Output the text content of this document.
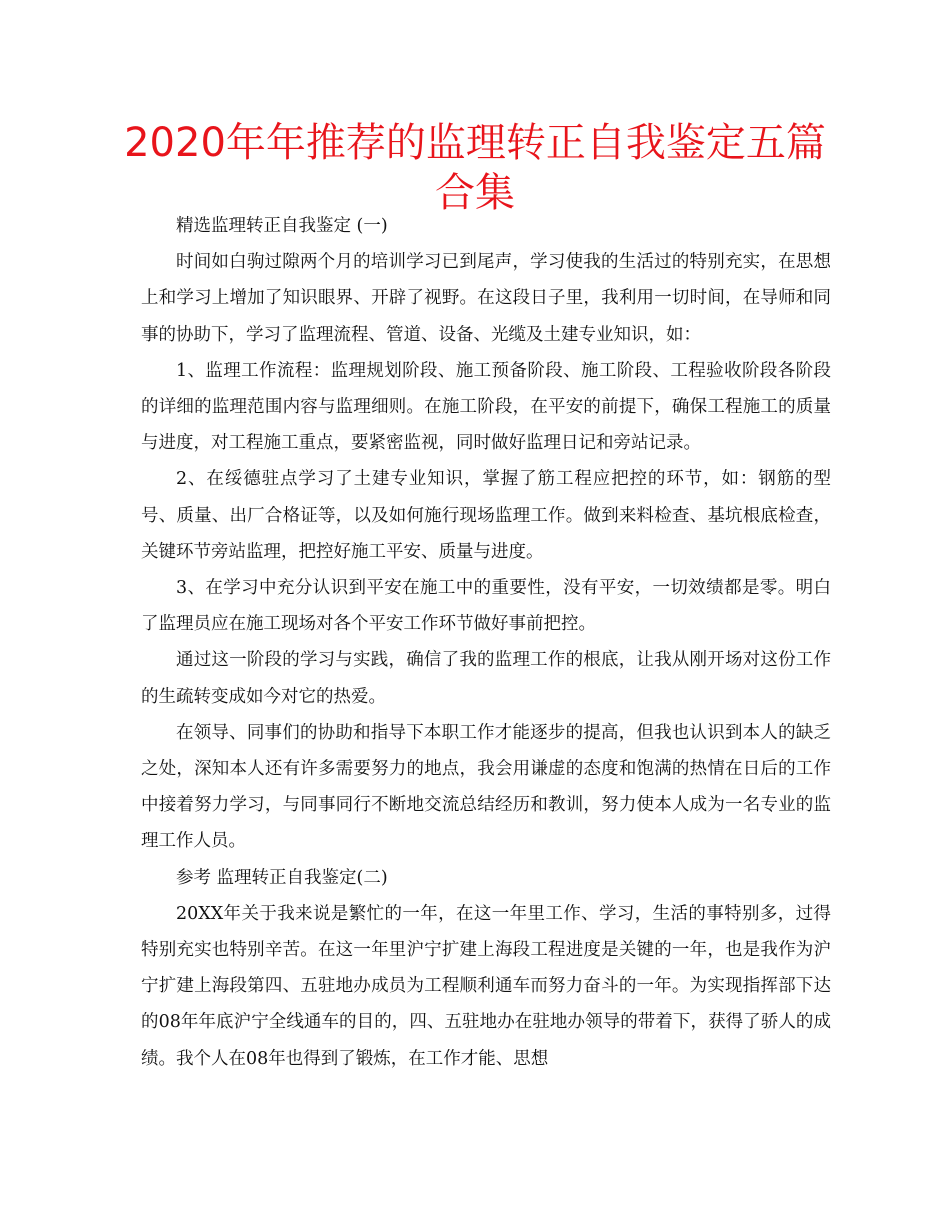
2020年年推荐的监理转正自我鉴定五篇合集

精选监理转正自我鉴定 (一)

时间如白驹过隙两个月的培训学习已到尾声，学习使我的生活过的特别充实，在思想上和学习上增加了知识眼界、开辟了视野。在这段日子里，我利用一切时间，在导师和同事的协助下，学习了监理流程、管道、设备、光缆及土建专业知识，如：

1、监理工作流程：监理规划阶段、施工预备阶段、施工阶段、工程验收阶段各阶段的详细的监理范围内容与监理细则。在施工阶段，在平安的前提下，确保工程施工的质量与进度，对工程施工重点，要紧密监视，同时做好监理日记和旁站记录。

2、在绥德驻点学习了土建专业知识，掌握了筋工程应把控的环节，如：钢筋的型号、质量、出厂合格证等，以及如何施行现场监理工作。做到来料检查、基坑根底检查，关键环节旁站监理，把控好施工平安、质量与进度。

3、在学习中充分认识到平安在施工中的重要性，没有平安，一切效绩都是零。明白了监理员应在施工现场对各个平安工作环节做好事前把控。

通过这一阶段的学习与实践，确信了我的监理工作的根底，让我从刚开场对这份工作的生疏转变成如今对它的热爱。

在领导、同事们的协助和指导下本职工作才能逐步的提高，但我也认识到本人的缺乏之处，深知本人还有许多需要努力的地点，我会用谦虚的态度和饱满的热情在日后的工作中接着努力学习，与同事同行不断地交流总结经历和教训，努力使本人成为一名专业的监理工作人员。

参考 监理转正自我鉴定(二)

20XX年关于我来说是繁忙的一年，在这一年里工作、学习，生活的事特别多，过得特别充实也特别辛苦。在这一年里沪宁扩建上海段工程进度是关键的一年，也是我作为沪宁扩建上海段第四、五驻地办成员为工程顺利通车而努力奋斗的一年。为实现指挥部下达的08年年底沪宁全线通车的目的，四、五驻地办在驻地办领导的带着下，获得了骄人的成绩。我个人在08年也得到了锻炼，在工作才能、思想
